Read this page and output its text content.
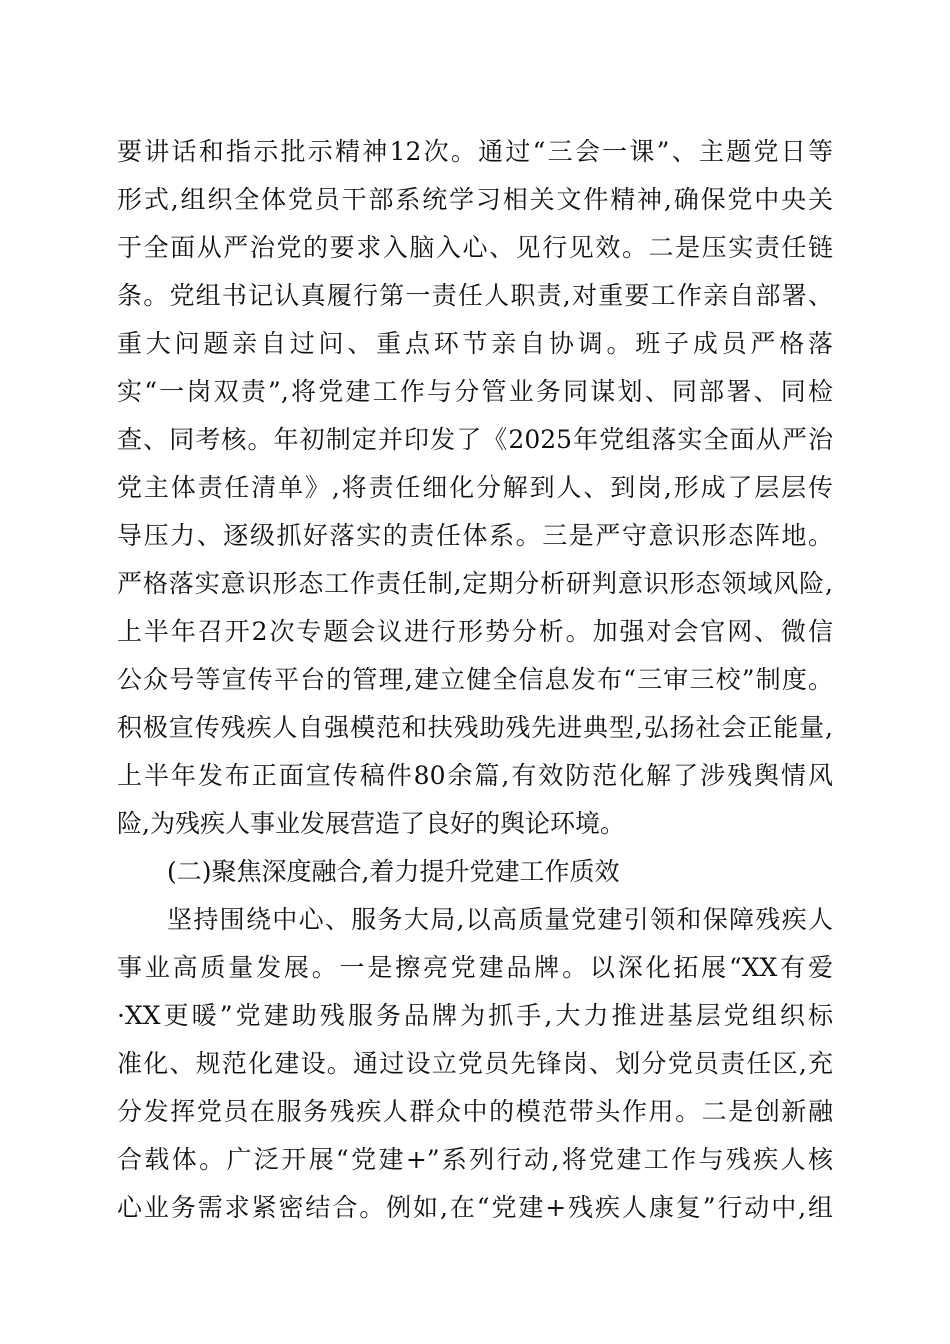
要讲话和指示批示精神12次。通过“三会一课”、主题党日等
形式,组织全体党员干部系统学习相关文件精神,确保党中央关
于全面从严治党的要求入脑入心、见行见效。二是压实责任链
条。党组书记认真履行第一责任人职责,对重要工作亲自部署、
重大问题亲自过问、重点环节亲自协调。班子成员严格落
实“一岗双责”,将党建工作与分管业务同谋划、同部署、同检
查、同考核。年初制定并印发了《2025年党组落实全面从严治
党主体责任清单》,将责任细化分解到人、到岗,形成了层层传
导压力、逐级抓好落实的责任体系。三是严守意识形态阵地。
严格落实意识形态工作责任制,定期分析研判意识形态领域风险,
上半年召开2次专题会议进行形势分析。加强对会官网、微信
公众号等宣传平台的管理,建立健全信息发布“三审三校”制度。
积极宣传残疾人自强模范和扶残助残先进典型,弘扬社会正能量,
上半年发布正面宣传稿件80余篇,有效防范化解了涉残舆情风
险,为残疾人事业发展营造了良好的舆论环境。
(二)聚焦深度融合,着力提升党建工作质效
坚持围绕中心、服务大局,以高质量党建引领和保障残疾人
事业高质量发展。一是擦亮党建品牌。以深化拓展“XX有爱
·XX更暖”党建助残服务品牌为抓手,大力推进基层党组织标
准化、规范化建设。通过设立党员先锋岗、划分党员责任区,充
分发挥党员在服务残疾人群众中的模范带头作用。二是创新融
合载体。广泛开展“党建+”系列行动,将党建工作与残疾人核
心业务需求紧密结合。例如,在“党建+残疾人康复”行动中,组
